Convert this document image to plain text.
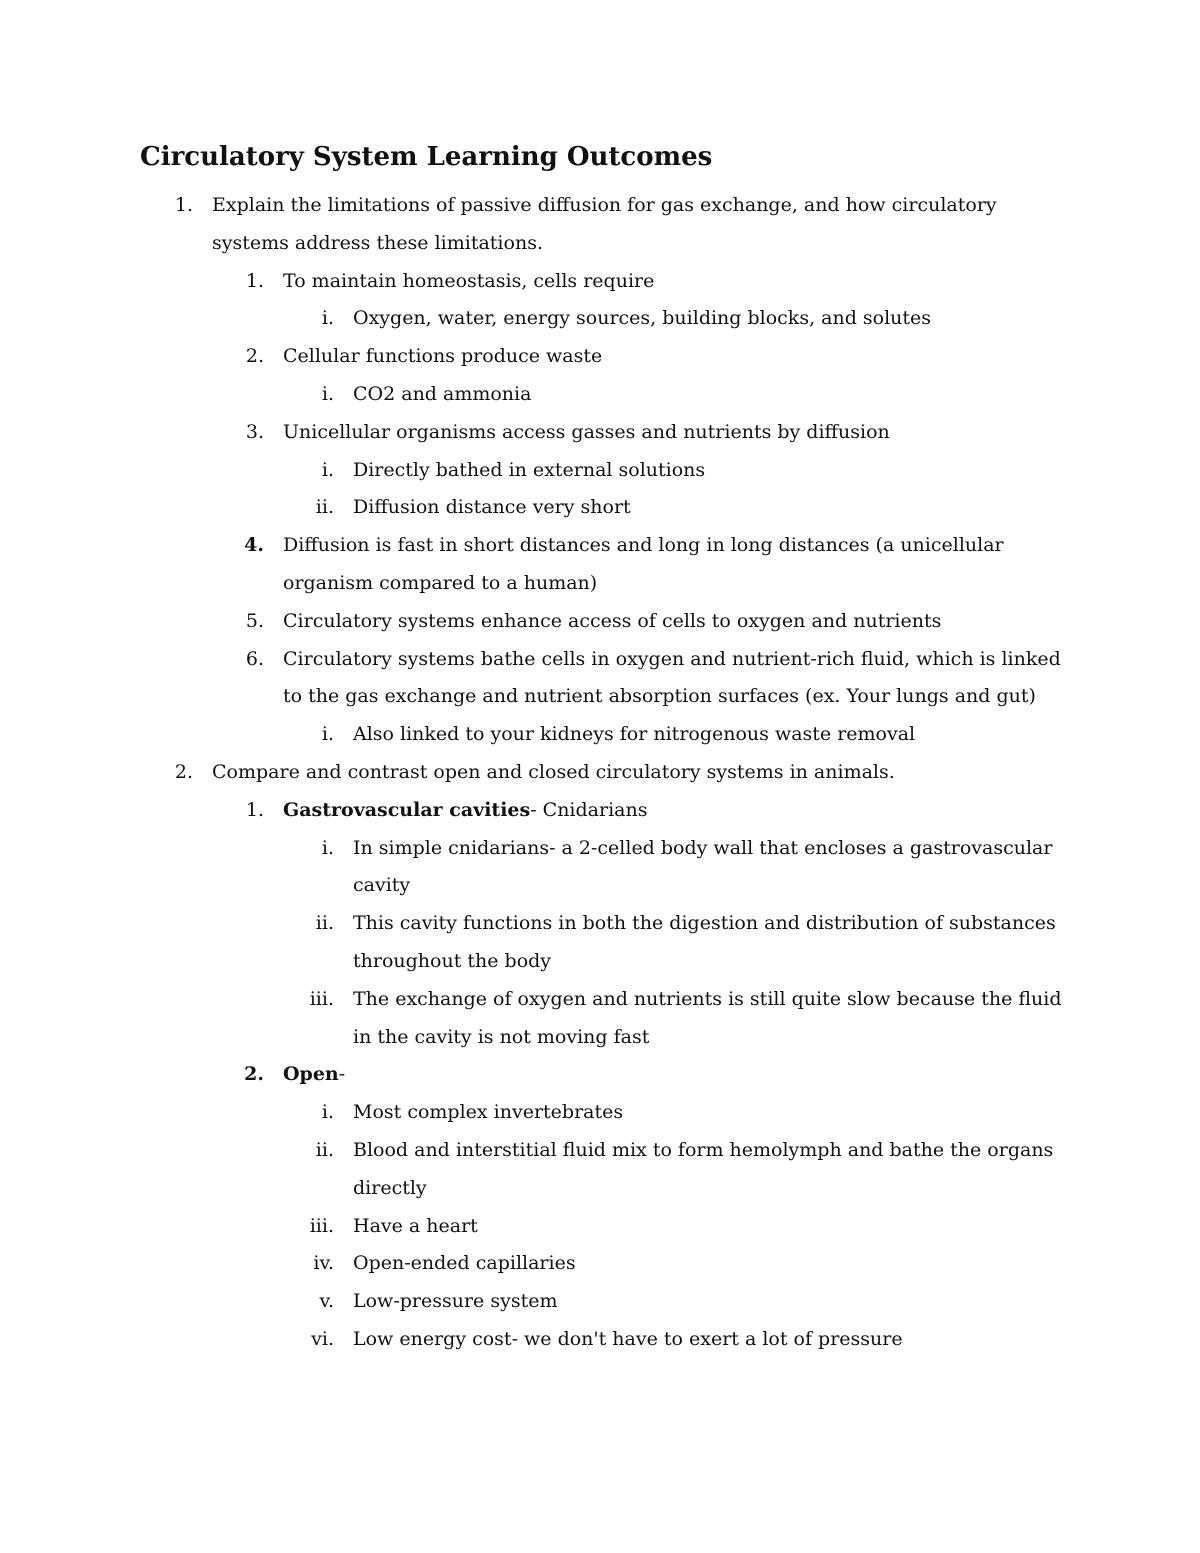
Circulatory System Learning Outcomes
1. Explain the limitations of passive diffusion for gas exchange, and how circulatory
systems address these limitations.
1. To maintain homeostasis, cells require
i. Oxygen, water, energy sources, building blocks, and solutes
2. Cellular functions produce waste
i. CO2 and ammonia
3. Unicellular organisms access gasses and nutrients by diffusion
i. Directly bathed in external solutions
ii. Diffusion distance very short
4. Diffusion is fast in short distances and long in long distances (a unicellular
organism compared to a human)
5. Circulatory systems enhance access of cells to oxygen and nutrients
6. Circulatory systems bathe cells in oxygen and nutrient-rich fluid, which is linked
to the gas exchange and nutrient absorption surfaces (ex. Your lungs and gut)
i. Also linked to your kidneys for nitrogenous waste removal
2. Compare and contrast open and closed circulatory systems in animals.
1. Gastrovascular cavities- Cnidarians
i. In simple cnidarians- a 2-celled body wall that encloses a gastrovascular
cavity
ii. This cavity functions in both the digestion and distribution of substances
throughout the body
iii. The exchange of oxygen and nutrients is still quite slow because the fluid
in the cavity is not moving fast
2. Open-
i. Most complex invertebrates
ii. Blood and interstitial fluid mix to form hemolymph and bathe the organs
directly
iii. Have a heart
iv. Open-ended capillaries
v. Low-pressure system
vi. Low energy cost- we don't have to exert a lot of pressure
